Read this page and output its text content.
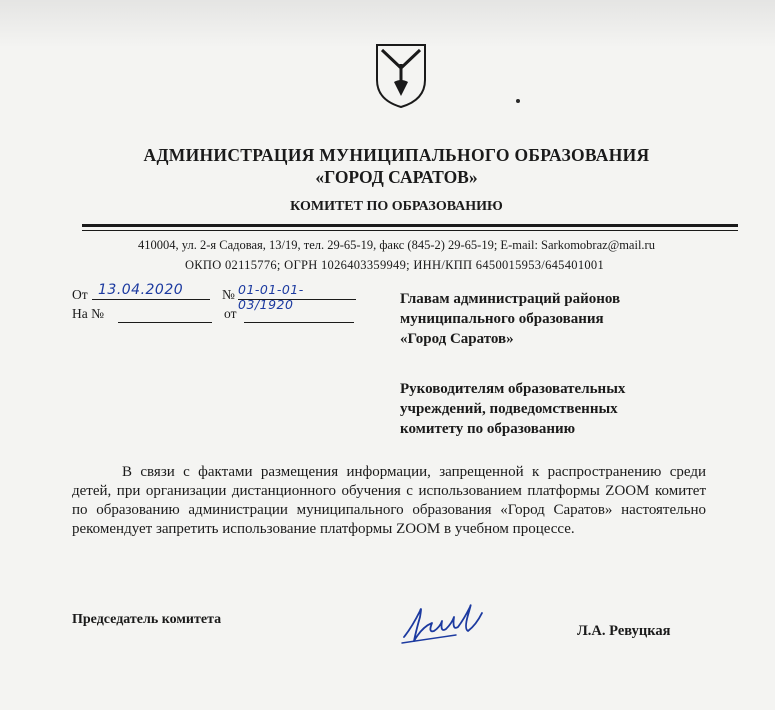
АДМИНИСТРАЦИЯ МУНИЦИПАЛЬНОГО ОБРАЗОВАНИЯ
«ГОРОД САРАТОВ»
КОМИТЕТ ПО ОБРАЗОВАНИЮ
410004, ул. 2-я Садовая, 13/19, тел. 29-65-19, факс (845-2) 29-65-19; E-mail: Sarkomobraz@mail.ru
ОКПО 02115776; ОГРН 1026403359949; ИНН/КПП 6450015953/645401001
От 13.04.2020	№ 01-01-01-03/1920
На №	от
Главам администраций районов
муниципального образования
«Город Саратов»
Руководителям образовательных
учреждений, подведомственных
комитету по образованию

В связи с фактами размещения информации, запрещенной к распространению среди детей, при организации дистанционного обучения с использованием платформы ZOOM комитет по образованию администрации муниципального образования «Город Саратов» настоятельно рекомендует запретить использование платформы ZOOM в учебном процессе.

Председатель комитета
Л.А. Ревуцкая
